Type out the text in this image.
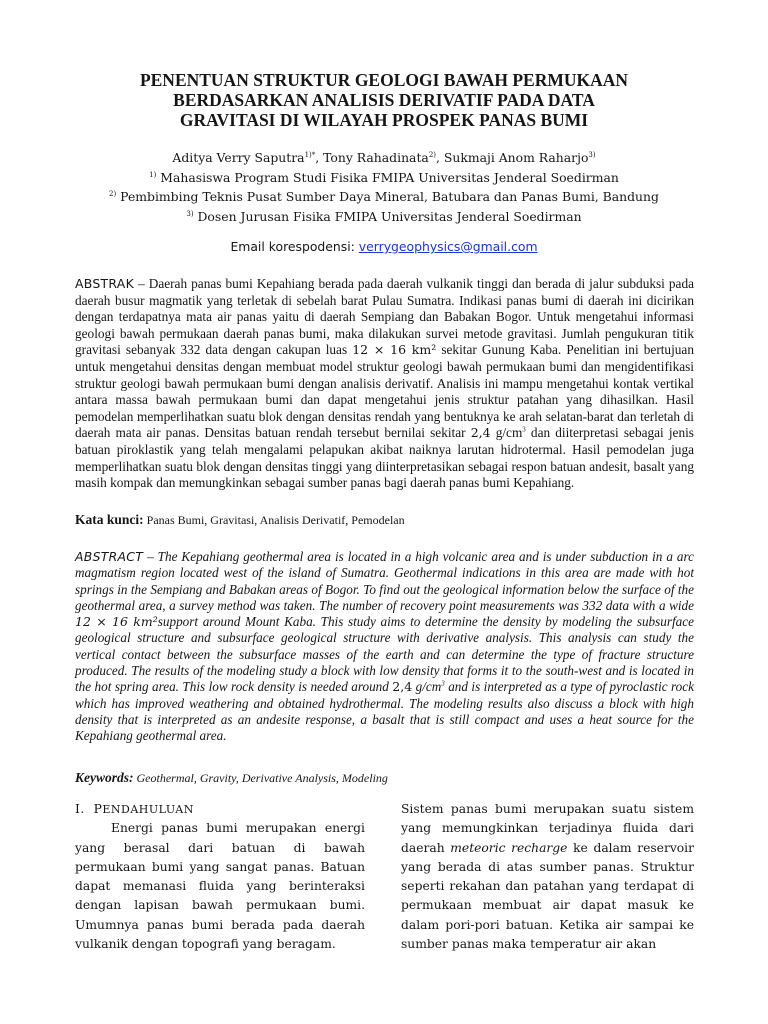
PENENTUAN STRUKTUR GEOLOGI BAWAH PERMUKAAN
BERDASARKAN ANALISIS DERIVATIF PADA DATA
GRAVITASI DI WILAYAH PROSPEK PANAS BUMI
Aditya Verry Saputra$^{1)*}$, Tony Rahadinata$^{2)}$, Sukmaji Anom Raharjo$^{3)}$
$^{1)}$ Mahasiswa Program Studi Fisika FMIPA Universitas Jenderal Soedirman
$^{2)}$ Pembimbing Teknis Pusat Sumber Daya Mineral, Batubara dan Panas Bumi, Bandung
$^{3)}$ Dosen Jurusan Fisika FMIPA Universitas Jenderal Soedirman
Email korespodensi: verrygeophysics@gmail.com
ABSTRAK – Daerah panas bumi Kepahiang berada pada daerah vulkanik tinggi dan berada di jalur subduksi pada daerah busur magmatik yang terletak di sebelah barat Pulau Sumatra. Indikasi panas bumi di daerah ini dicirikan dengan terdapatnya mata air panas yaitu di daerah Sempiang dan Babakan Bogor. Untuk mengetahui informasi geologi bawah permukaan daerah panas bumi, maka dilakukan survei metode gravitasi. Jumlah pengukuran titik gravitasi sebanyak 332 data dengan cakupan luas 12 × 16 km² sekitar Gunung Kaba. Penelitian ini bertujuan untuk mengetahui densitas dengan membuat model struktur geologi bawah permukaan bumi dan mengidentifikasi struktur geologi bawah permukaan bumi dengan analisis derivatif. Analisis ini mampu mengetahui kontak vertikal antara massa bawah permukaan bumi dan dapat mengetahui jenis struktur patahan yang dihasilkan. Hasil pemodelan memperlihatkan suatu blok dengan densitas rendah yang bentuknya ke arah selatan-barat dan terletah di daerah mata air panas. Densitas batuan rendah tersebut bernilai sekitar 2,4 $g/cm^3$ dan diiterpretasi sebagai jenis batuan piroklastik yang telah mengalami pelapukan akibat naiknya larutan hidrotermal. Hasil pemodelan juga memperlihatkan suatu blok dengan densitas tinggi yang diinterpretasikan sebagai respon batuan andesit, basalt yang masih kompak dan memungkinkan sebagai sumber panas bagi daerah panas bumi Kepahiang.
Kata kunci: Panas Bumi, Gravitasi, Analisis Derivatif, Pemodelan
ABSTRACT – The Kepahiang geothermal area is located in a high volcanic area and is under subduction in a arc magmatism region located west of the island of Sumatra. Geothermal indications in this area are made with hot springs in the Sempiang and Babakan areas of Bogor. To find out the geological information below the surface of the geothermal area, a survey method was taken. The number of recovery point measurements was 332 data with a wide 12 × 16 km²support around Mount Kaba. This study aims to determine the density by modeling the subsurface geological structure and subsurface geological structure with derivative analysis. This analysis can study the vertical contact between the subsurface masses of the earth and can determine the type of fracture structure produced. The results of the modeling study a block with low density that forms it to the south-west and is located in the hot spring area. This low rock density is needed around 2,4 $g/cm^3$ and is interpreted as a type of pyroclastic rock which has improved weathering and obtained hydrothermal. The modeling results also discuss a block with high density that is interpreted as an andesite response, a basalt that is still compact and uses a heat source for the Kepahiang geothermal area.
Keywords: Geothermal, Gravity, Derivative Analysis, Modeling
I. PENDAHULUAN

Energi panas bumi merupakan energi yang berasal dari batuan di bawah permukaan bumi yang sangat panas. Batuan dapat memanasi fluida yang berinteraksi dengan lapisan bawah permukaan bumi. Umumnya panas bumi berada pada daerah vulkanik dengan topografi yang beragam.

Sistem panas bumi merupakan suatu sistem yang memungkinkan terjadinya fluida dari daerah meteoric recharge ke dalam reservoir yang berada di atas sumber panas. Struktur seperti rekahan dan patahan yang terdapat di permukaan membuat air dapat masuk ke dalam pori-pori batuan. Ketika air sampai ke sumber panas maka temperatur air akan
